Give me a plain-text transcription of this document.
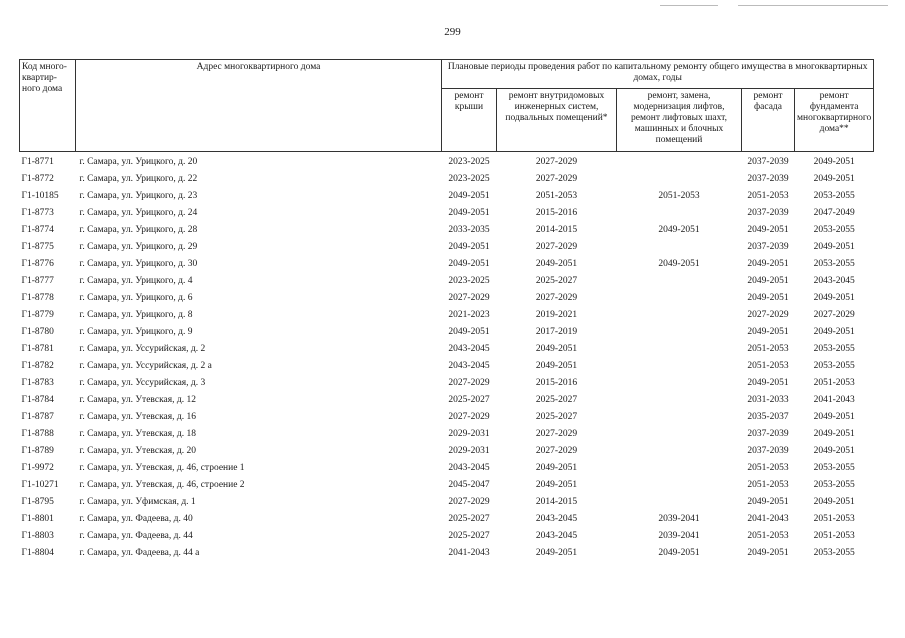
299
Код много-квартир-ного дома	Адрес многоквартирного дома	Плановые периоды проведения работ по капитальному ремонту общего имущества в многоквартирных домах, годы				
		ремонт крыши	ремонт внутридомовых инженерных систем, подвальных помещений*	ремонт, замена, модернизация лифтов, ремонт лифтовых шахт, машинных и блочных помещений	ремонт фасада	ремонт фундамента многоквартирного дома**

Г1-8771	г. Самара, ул. Урицкого, д. 20	2023-2025	2027-2029		2037-2039	2049-2051
Г1-8772	г. Самара, ул. Урицкого, д. 22	2023-2025	2027-2029		2037-2039	2049-2051
Г1-10185	г. Самара, ул. Урицкого, д. 23	2049-2051	2051-2053	2051-2053	2051-2053	2053-2055
Г1-8773	г. Самара, ул. Урицкого, д. 24	2049-2051	2015-2016		2037-2039	2047-2049
Г1-8774	г. Самара, ул. Урицкого, д. 28	2033-2035	2014-2015	2049-2051	2049-2051	2053-2055
Г1-8775	г. Самара, ул. Урицкого, д. 29	2049-2051	2027-2029		2037-2039	2049-2051
Г1-8776	г. Самара, ул. Урицкого, д. 30	2049-2051	2049-2051	2049-2051	2049-2051	2053-2055
Г1-8777	г. Самара, ул. Урицкого, д. 4	2023-2025	2025-2027		2049-2051	2043-2045
Г1-8778	г. Самара, ул. Урицкого, д. 6	2027-2029	2027-2029		2049-2051	2049-2051
Г1-8779	г. Самара, ул. Урицкого, д. 8	2021-2023	2019-2021		2027-2029	2027-2029
Г1-8780	г. Самара, ул. Урицкого, д. 9	2049-2051	2017-2019		2049-2051	2049-2051
Г1-8781	г. Самара, ул. Уссурийская, д. 2	2043-2045	2049-2051		2051-2053	2053-2055
Г1-8782	г. Самара, ул. Уссурийская, д. 2 а	2043-2045	2049-2051		2051-2053	2053-2055
Г1-8783	г. Самара, ул. Уссурийская, д. 3	2027-2029	2015-2016		2049-2051	2051-2053
Г1-8784	г. Самара, ул. Утевская, д. 12	2025-2027	2025-2027		2031-2033	2041-2043
Г1-8787	г. Самара, ул. Утевская, д. 16	2027-2029	2025-2027		2035-2037	2049-2051
Г1-8788	г. Самара, ул. Утевская, д. 18	2029-2031	2027-2029		2037-2039	2049-2051
Г1-8789	г. Самара, ул. Утевская, д. 20	2029-2031	2027-2029		2037-2039	2049-2051
Г1-9972	г. Самара, ул. Утевская, д. 46, строение 1	2043-2045	2049-2051		2051-2053	2053-2055
Г1-10271	г. Самара, ул. Утевская, д. 46, строение 2	2045-2047	2049-2051		2051-2053	2053-2055
Г1-8795	г. Самара, ул. Уфимская, д. 1	2027-2029	2014-2015		2049-2051	2049-2051
Г1-8801	г. Самара, ул. Фадеева, д. 40	2025-2027	2043-2045	2039-2041	2041-2043	2051-2053
Г1-8803	г. Самара, ул. Фадеева, д. 44	2025-2027	2043-2045	2039-2041	2051-2053	2051-2053
Г1-8804	г. Самара, ул. Фадеева, д. 44 а	2041-2043	2049-2051	2049-2051	2049-2051	2053-2055
